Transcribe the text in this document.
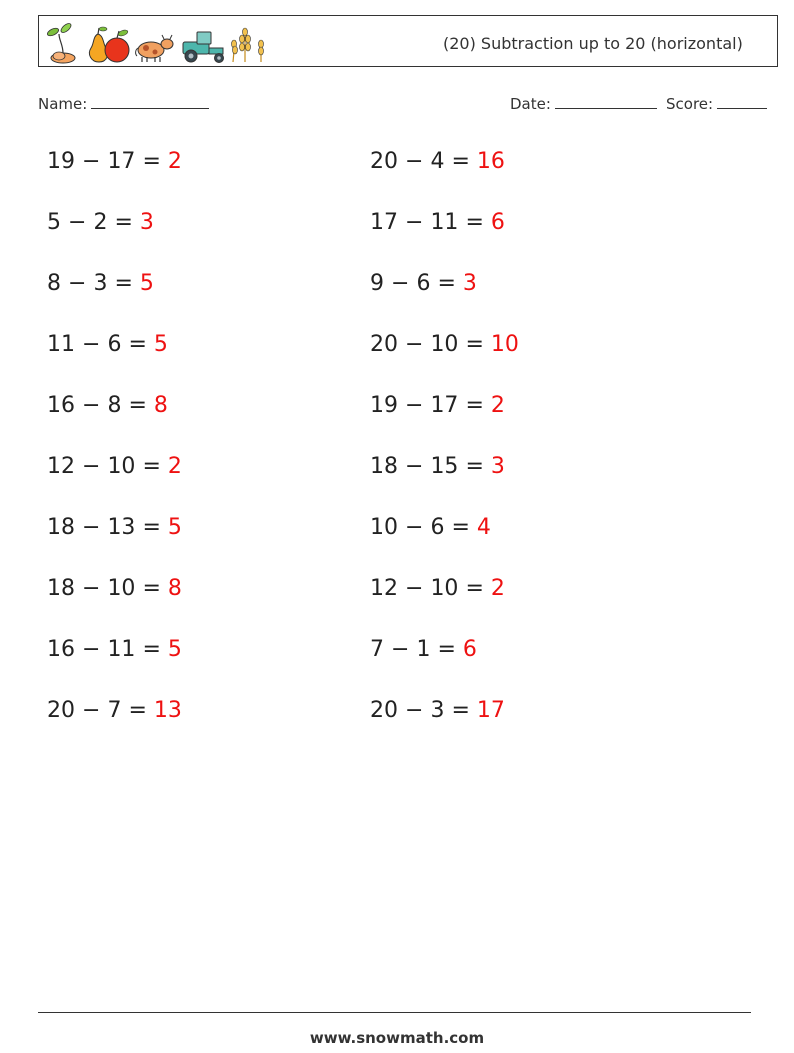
(20) Subtraction up to 20 (horizontal)
Name:	Date:	Score:
19 − 17 = 2
5 − 2 = 3
8 − 3 = 5
11 − 6 = 5
16 − 8 = 8
12 − 10 = 2
18 − 13 = 5
18 − 10 = 8
16 − 11 = 5
20 − 7 = 13
20 − 4 = 16
17 − 11 = 6
9 − 6 = 3
20 − 10 = 10
19 − 17 = 2
18 − 15 = 3
10 − 6 = 4
12 − 10 = 2
7 − 1 = 6
20 − 3 = 17
www.snowmath.com
